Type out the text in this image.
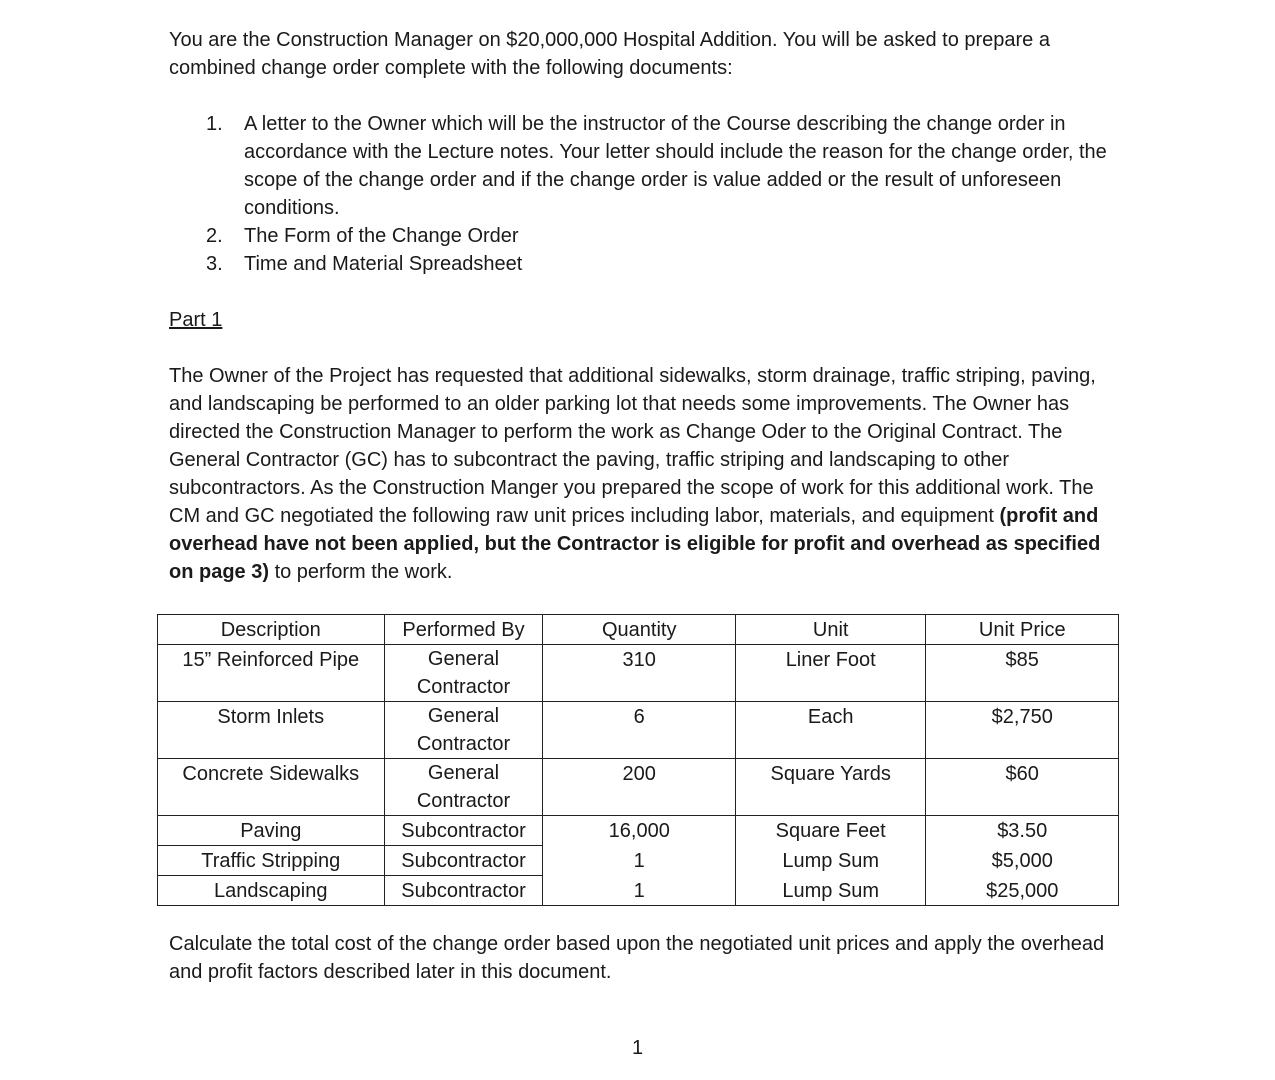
You are the Construction Manager on $20,000,000 Hospital Addition. You will be asked to prepare a combined change order complete with the following documents:

1. A letter to the Owner which will be the instructor of the Course describing the change order in accordance with the Lecture notes. Your letter should include the reason for the change order, the scope of the change order and if the change order is value added or the result of unforeseen conditions.
2. The Form of the Change Order
3. Time and Material Spreadsheet

Part 1

The Owner of the Project has requested that additional sidewalks, storm drainage, traffic striping, paving, and landscaping be performed to an older parking lot that needs some improvements. The Owner has directed the Construction Manager to perform the work as Change Oder to the Original Contract. The General Contractor (GC) has to subcontract the paving, traffic striping and landscaping to other subcontractors. As the Construction Manger you prepared the scope of work for this additional work. The CM and GC negotiated the following raw unit prices including labor, materials, and equipment (profit and overhead have not been applied, but the Contractor is eligible for profit and overhead as specified on page 3) to perform the work.

Description	Performed By	Quantity	Unit	Unit Price
15” Reinforced Pipe	General Contractor	310	Liner Foot	$85
Storm Inlets	General Contractor	6	Each	$2,750
Concrete Sidewalks	General Contractor	200	Square Yards	$60
Paving	Subcontractor	16,000	Square Feet	$3.50
Traffic Stripping	Subcontractor	1	Lump Sum	$5,000
Landscaping	Subcontractor	1	Lump Sum	$25,000

Calculate the total cost of the change order based upon the negotiated unit prices and apply the overhead and profit factors described later in this document.

1
